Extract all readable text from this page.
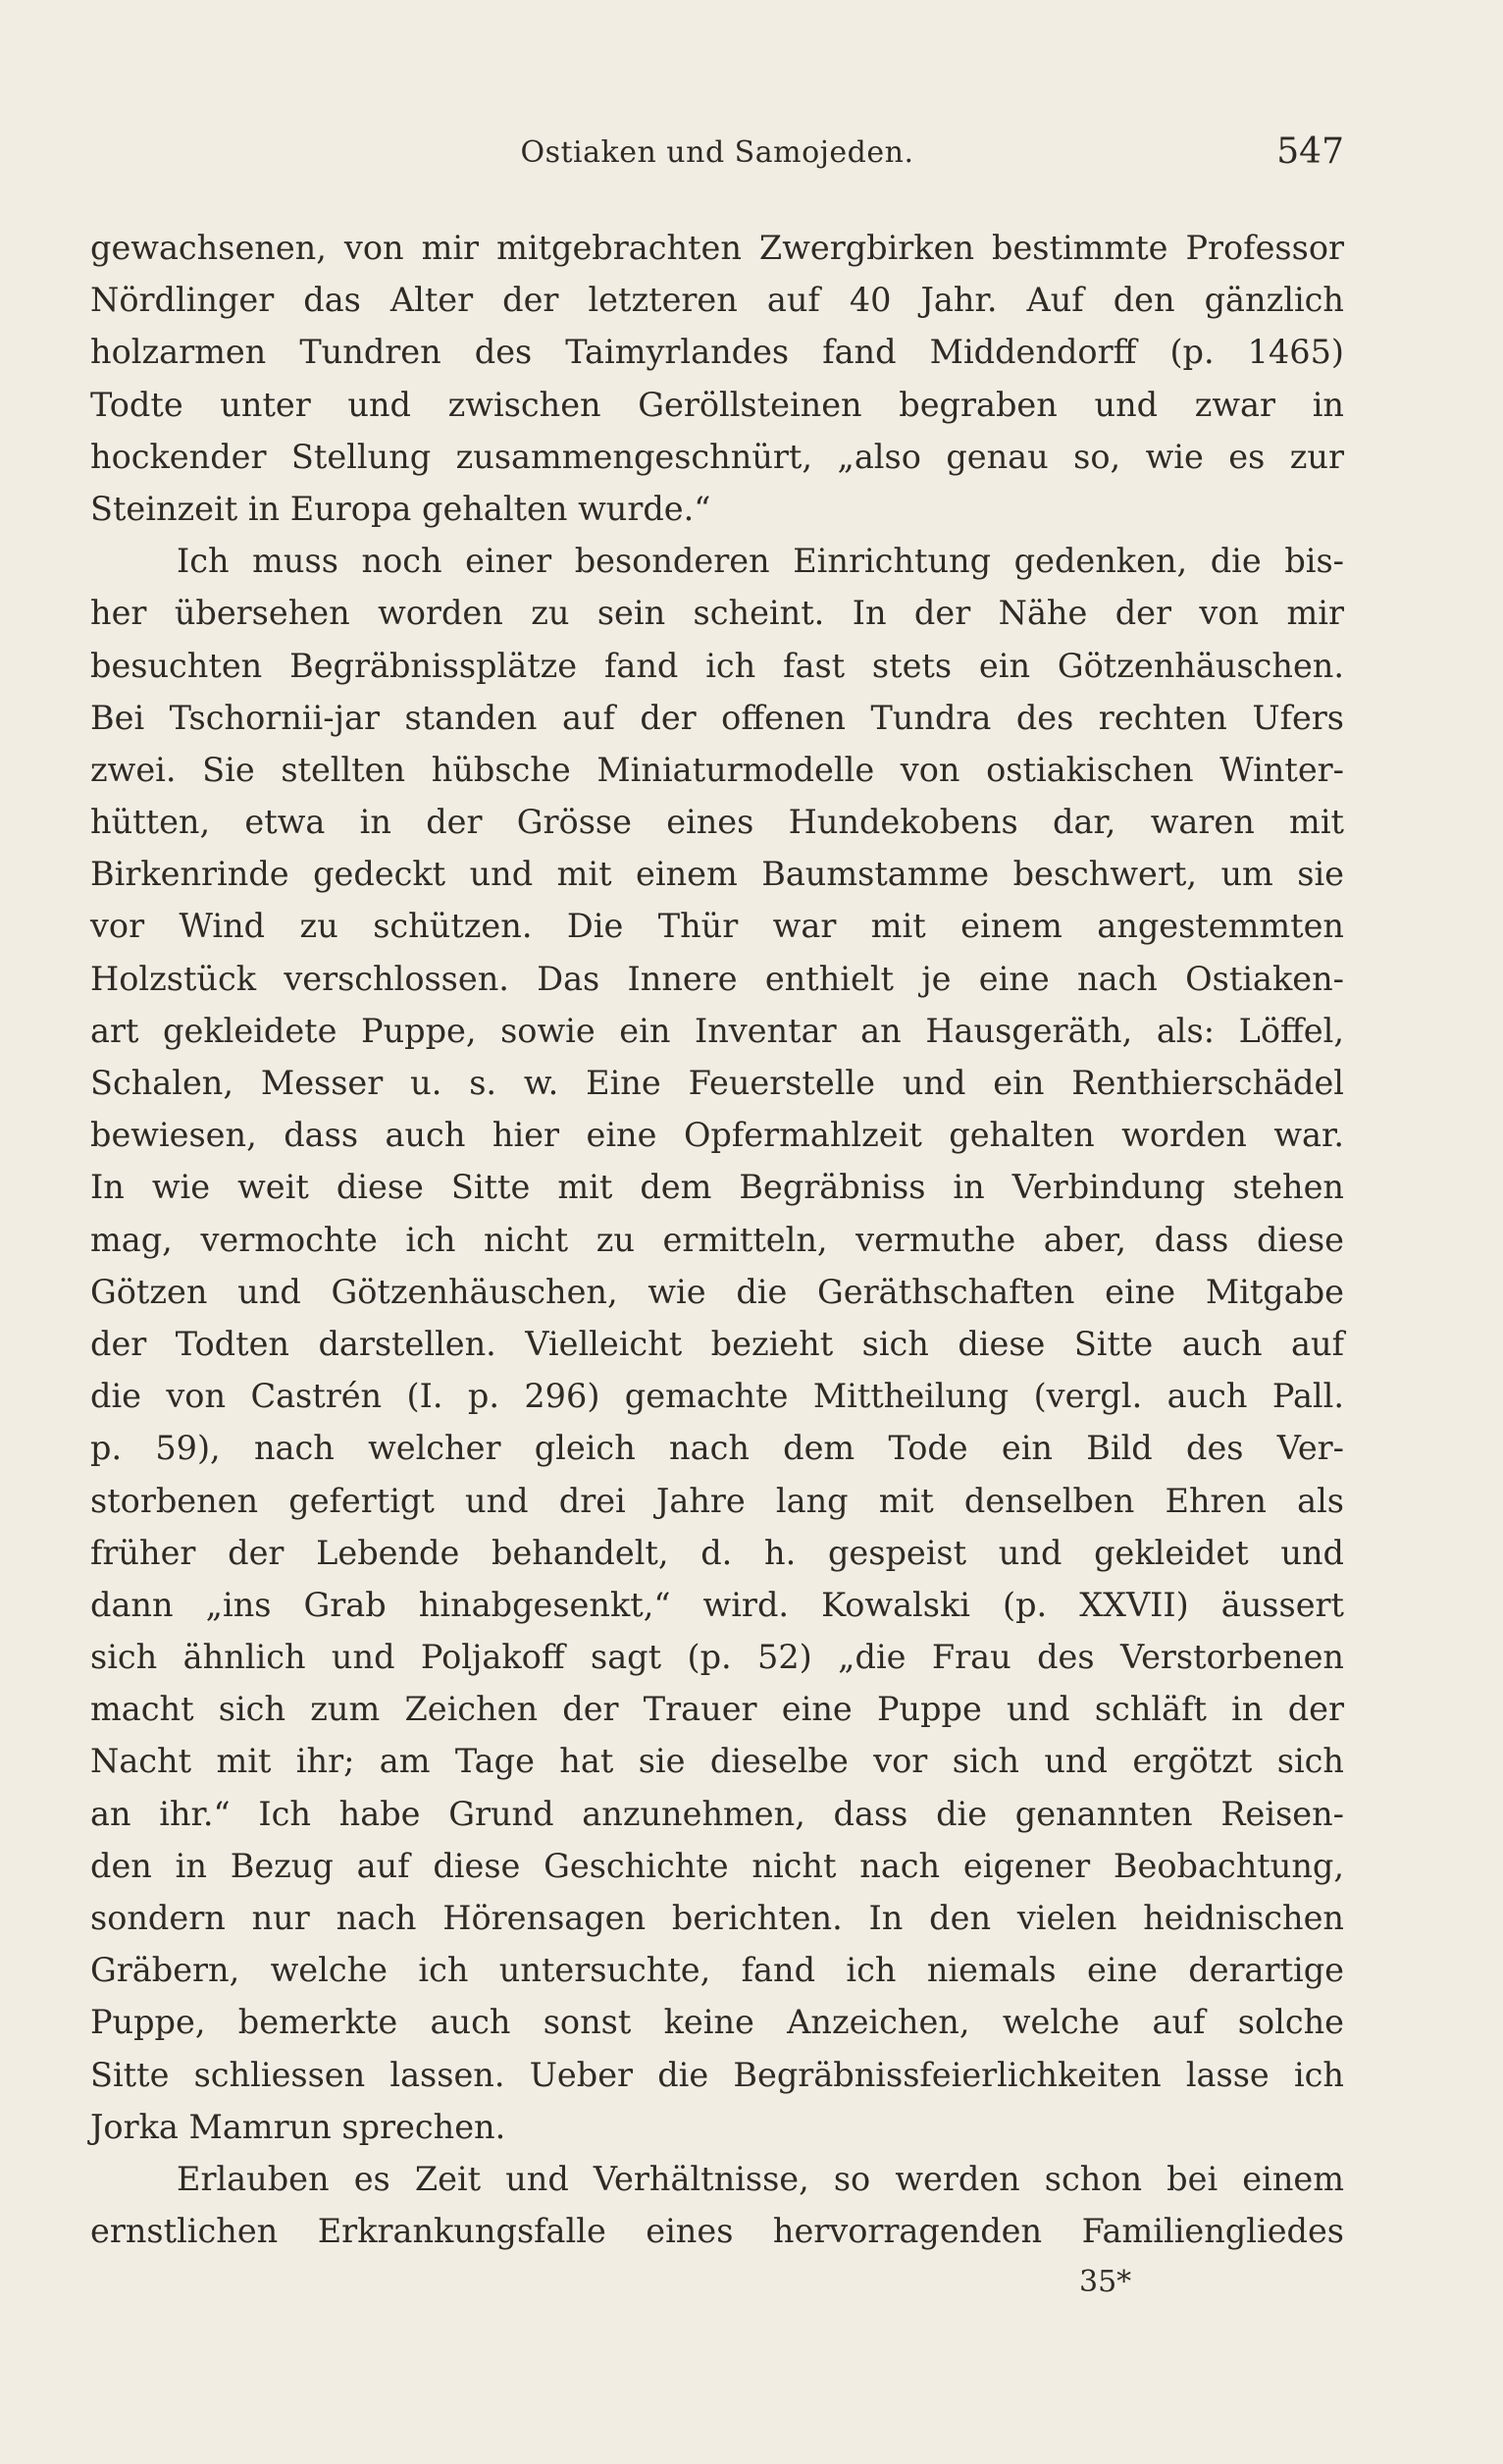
Ostiaken und Samojeden.	547
gewachsenen, von mir mitgebrachten Zwergbirken bestimmte Professor
Nördlinger das Alter der letzteren auf 40 Jahr. Auf den gänzlich
holzarmen Tundren des Taimyrlandes fand Middendorff (p. 1465)
Todte unter und zwischen Geröllsteinen begraben und zwar in
hockender Stellung zusammengeschnürt, „also genau so, wie es zur
Steinzeit in Europa gehalten wurde.“
Ich muss noch einer besonderen Einrichtung gedenken, die bis-
her übersehen worden zu sein scheint. In der Nähe der von mir
besuchten Begräbnissplätze fand ich fast stets ein Götzenhäuschen.
Bei Tschornii-jar standen auf der offenen Tundra des rechten Ufers
zwei. Sie stellten hübsche Miniaturmodelle von ostiakischen Winter-
hütten, etwa in der Grösse eines Hundekobens dar, waren mit
Birkenrinde gedeckt und mit einem Baumstamme beschwert, um sie
vor Wind zu schützen. Die Thür war mit einem angestemmten
Holzstück verschlossen. Das Innere enthielt je eine nach Ostiaken-
art gekleidete Puppe, sowie ein Inventar an Hausgeräth, als: Löffel,
Schalen, Messer u. s. w. Eine Feuerstelle und ein Renthierschädel
bewiesen, dass auch hier eine Opfermahlzeit gehalten worden war.
In wie weit diese Sitte mit dem Begräbniss in Verbindung stehen
mag, vermochte ich nicht zu ermitteln, vermuthe aber, dass diese
Götzen und Götzenhäuschen, wie die Geräthschaften eine Mitgabe
der Todten darstellen. Vielleicht bezieht sich diese Sitte auch auf
die von Castrén (I. p. 296) gemachte Mittheilung (vergl. auch Pall.
p. 59), nach welcher gleich nach dem Tode ein Bild des Ver-
storbenen gefertigt und drei Jahre lang mit denselben Ehren als
früher der Lebende behandelt, d. h. gespeist und gekleidet und
dann „ins Grab hinabgesenkt,“ wird. Kowalski (p. XXVII) äussert
sich ähnlich und Poljakoff sagt (p. 52) „die Frau des Verstorbenen
macht sich zum Zeichen der Trauer eine Puppe und schläft in der
Nacht mit ihr; am Tage hat sie dieselbe vor sich und ergötzt sich
an ihr.“ Ich habe Grund anzunehmen, dass die genannten Reisen-
den in Bezug auf diese Geschichte nicht nach eigener Beobachtung,
sondern nur nach Hörensagen berichten. In den vielen heidnischen
Gräbern, welche ich untersuchte, fand ich niemals eine derartige
Puppe, bemerkte auch sonst keine Anzeichen, welche auf solche
Sitte schliessen lassen. Ueber die Begräbnissfeierlichkeiten lasse ich
Jorka Mamrun sprechen.
Erlauben es Zeit und Verhältnisse, so werden schon bei einem
ernstlichen Erkrankungsfalle eines hervorragenden Familiengliedes
35*
